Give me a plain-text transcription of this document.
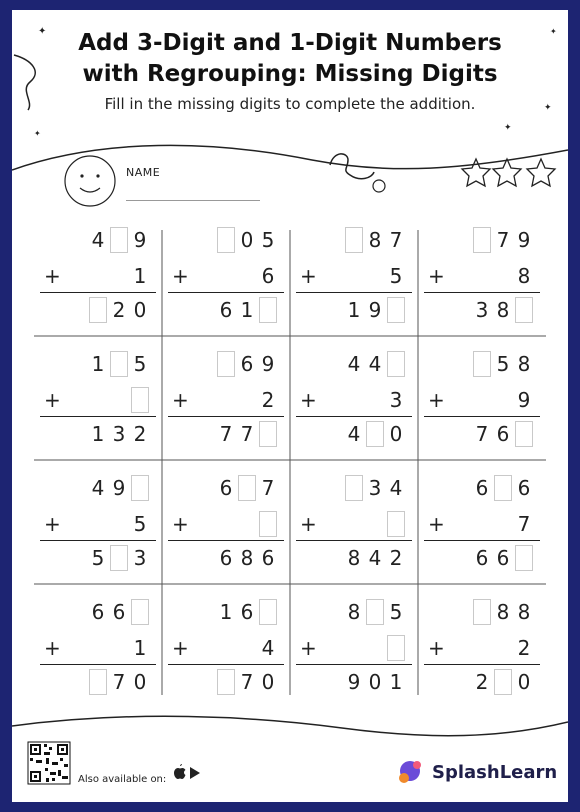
✦
✦
✦
✦
✦
Add 3-Digit and 1-Digit Numbers
with Regrouping: Missing Digits
Fill in the missing digits to complete the addition.
NAME
4 9
+	1
2 0
0 5
+	6
6 1
8 7
+	5
1 9
7 9
+	8
3 8
1 5
+
1 3 2
6 9
+	2
7 7
4 4
+	3
4 0
5 8
+	9
7 6
4 9
+	5
5 3
6 7
+
6 8 6
3 4
+
8 4 2
6 6
+	7
6 6
6 6
+	1
7 0
1 6
+	4
7 0
8 5
+
9 0 1
8 8
+	2
2 0
Also available on:	SplashLearn
